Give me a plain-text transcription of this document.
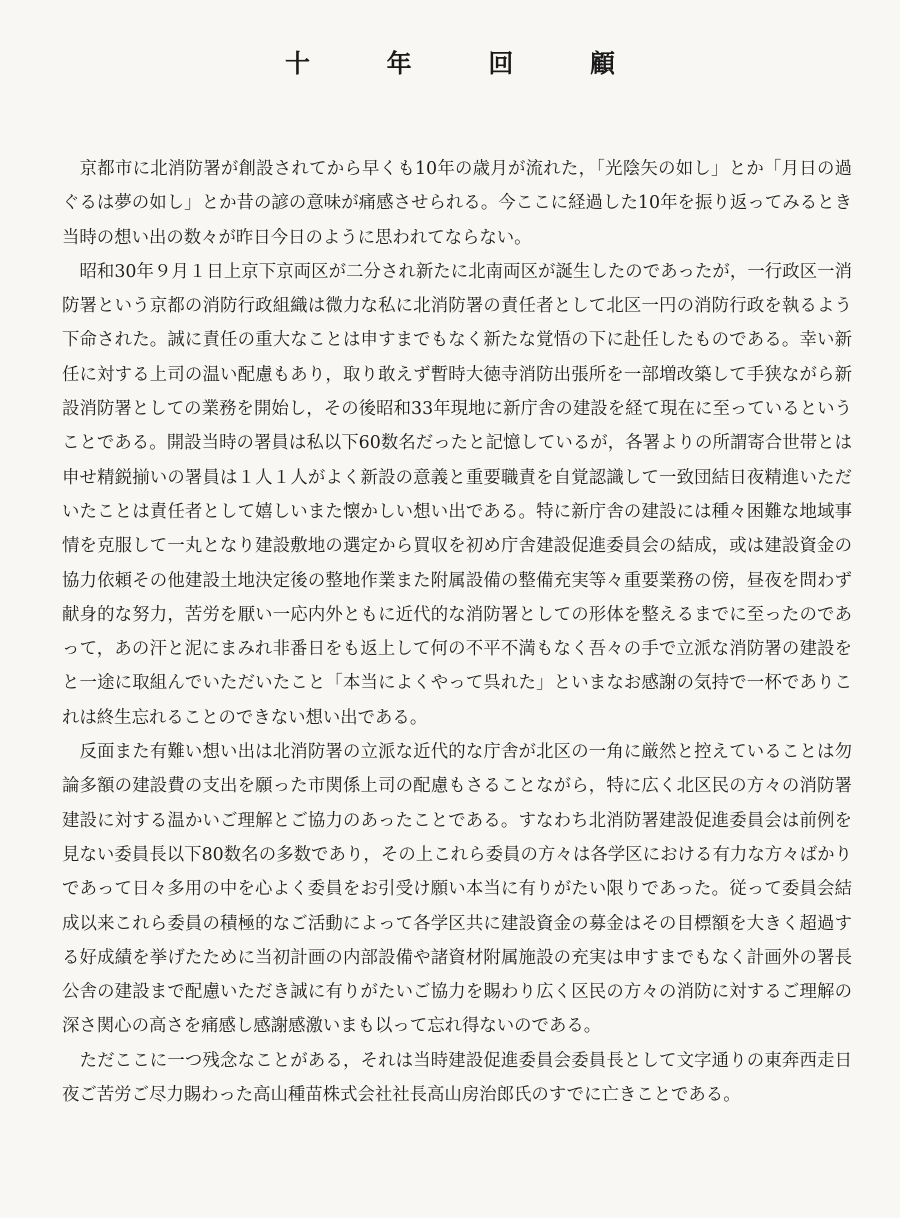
十 年 回 顧

　京都市に北消防署が創設されてから早くも10年の歳月が流れた，「光陰矢の如し」とか「月日の過ぐるは夢の如し」とか昔の諺の意味が痛感させられる。今ここに経過した10年を振り返ってみるとき当時の想い出の数々が昨日今日のように思われてならない。

　昭和30年９月１日上京下京両区が二分され新たに北南両区が誕生したのであったが，一行政区一消防署という京都の消防行政組織は微力な私に北消防署の責任者として北区一円の消防行政を執るよう下命された。誠に責任の重大なことは申すまでもなく新たな覚悟の下に赴任したものである。幸い新任に対する上司の温い配慮もあり，取り敢えず暫時大徳寺消防出張所を一部増改築して手狭ながら新設消防署としての業務を開始し，その後昭和33年現地に新庁舎の建設を経て現在に至っているということである。開設当時の署員は私以下60数名だったと記憶しているが，各署よりの所謂寄合世帯とは申せ精鋭揃いの署員は１人１人がよく新設の意義と重要職責を自覚認識して一致団結日夜精進いただいたことは責任者として嬉しいまた懐かしい想い出である。特に新庁舎の建設には種々困難な地域事情を克服して一丸となり建設敷地の選定から買収を初め庁舎建設促進委員会の結成，或は建設資金の協力依頼その他建設土地決定後の整地作業また附属設備の整備充実等々重要業務の傍，昼夜を問わず献身的な努力，苦労を厭い一応内外ともに近代的な消防署としての形体を整えるまでに至ったのであって，あの汗と泥にまみれ非番日をも返上して何の不平不満もなく吾々の手で立派な消防署の建設をと一途に取組んでいただいたこと「本当によくやって呉れた」といまなお感謝の気持で一杯でありこれは終生忘れることのできない想い出である。

　反面また有難い想い出は北消防署の立派な近代的な庁舎が北区の一角に厳然と控えていることは勿論多額の建設費の支出を願った市関係上司の配慮もさることながら，特に広く北区民の方々の消防署建設に対する温かいご理解とご協力のあったことである。すなわち北消防署建設促進委員会は前例を見ない委員長以下80数名の多数であり，その上これら委員の方々は各学区における有力な方々ばかりであって日々多用の中を心よく委員をお引受け願い本当に有りがたい限りであった。従って委員会結成以来これら委員の積極的なご活動によって各学区共に建設資金の募金はその目標額を大きく超過する好成績を挙げたために当初計画の内部設備や諸資材附属施設の充実は申すまでもなく計画外の署長公舎の建設まで配慮いただき誠に有りがたいご協力を賜わり広く区民の方々の消防に対するご理解の深さ関心の高さを痛感し感謝感激いまも以って忘れ得ないのである。

　ただここに一つ残念なことがある，それは当時建設促進委員会委員長として文字通りの東奔西走日夜ご苦労ご尽力賜わった高山種苗株式会社社長高山房治郎氏のすでに亡きことである。
